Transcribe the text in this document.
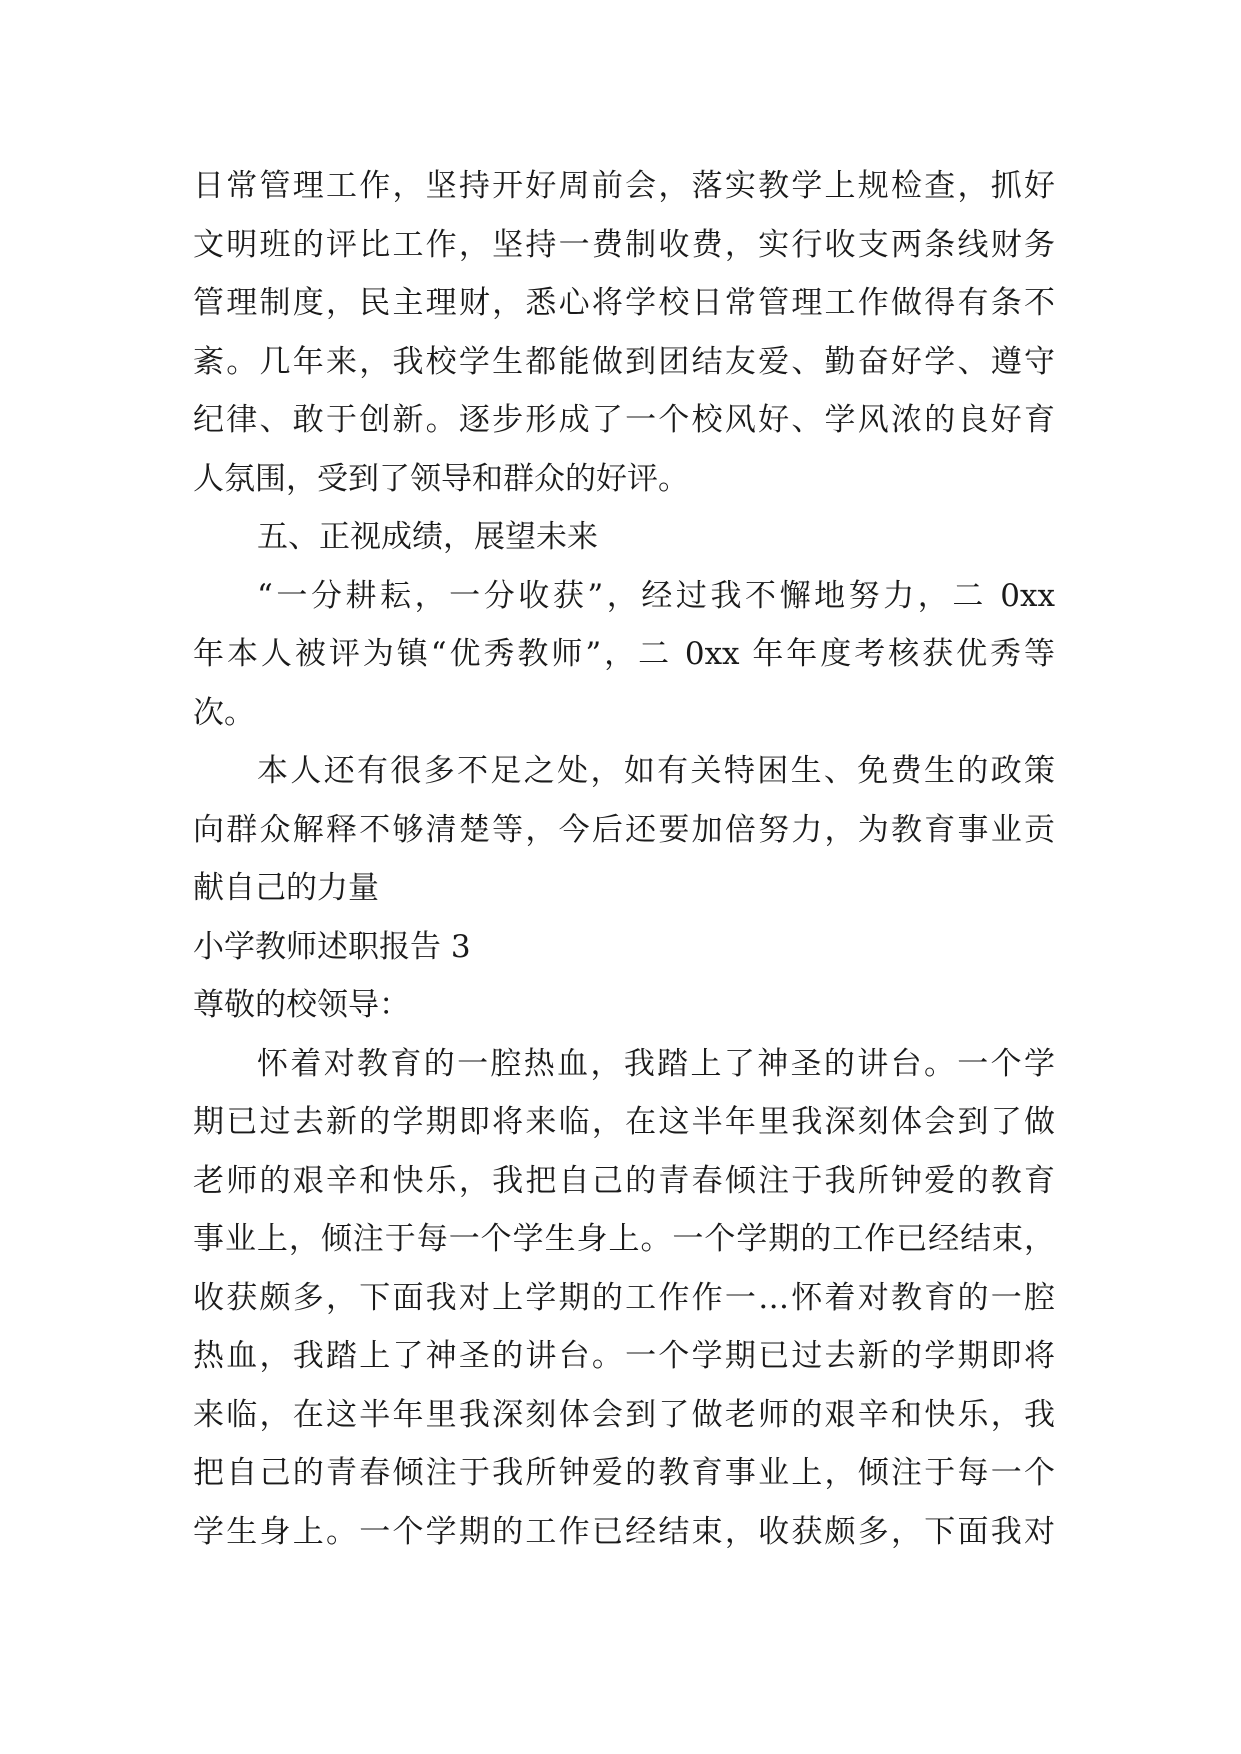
日常管理工作，坚持开好周前会，落实教学上规检查，抓好
文明班的评比工作，坚持一费制收费，实行收支两条线财务
管理制度，民主理财，悉心将学校日常管理工作做得有条不
紊。几年来，我校学生都能做到团结友爱、勤奋好学、遵守
纪律、敢于创新。逐步形成了一个校风好、学风浓的良好育
人氛围，受到了领导和群众的好评。
五、正视成绩，展望未来
“一分耕耘，一分收获”，经过我不懈地努力，二 0xx
年本人被评为镇“优秀教师”，二 0xx 年年度考核获优秀等
次。
本人还有很多不足之处，如有关特困生、免费生的政策
向群众解释不够清楚等，今后还要加倍努力，为教育事业贡
献自己的力量
小学教师述职报告 3
尊敬的校领导：
怀着对教育的一腔热血，我踏上了神圣的讲台。一个学
期已过去新的学期即将来临，在这半年里我深刻体会到了做
老师的艰辛和快乐，我把自己的青春倾注于我所钟爱的教育
事业上，倾注于每一个学生身上。一个学期的工作已经结束，
收获颇多，下面我对上学期的工作作一…怀着对教育的一腔
热血，我踏上了神圣的讲台。一个学期已过去新的学期即将
来临，在这半年里我深刻体会到了做老师的艰辛和快乐，我
把自己的青春倾注于我所钟爱的教育事业上，倾注于每一个
学生身上。一个学期的工作已经结束，收获颇多，下面我对
